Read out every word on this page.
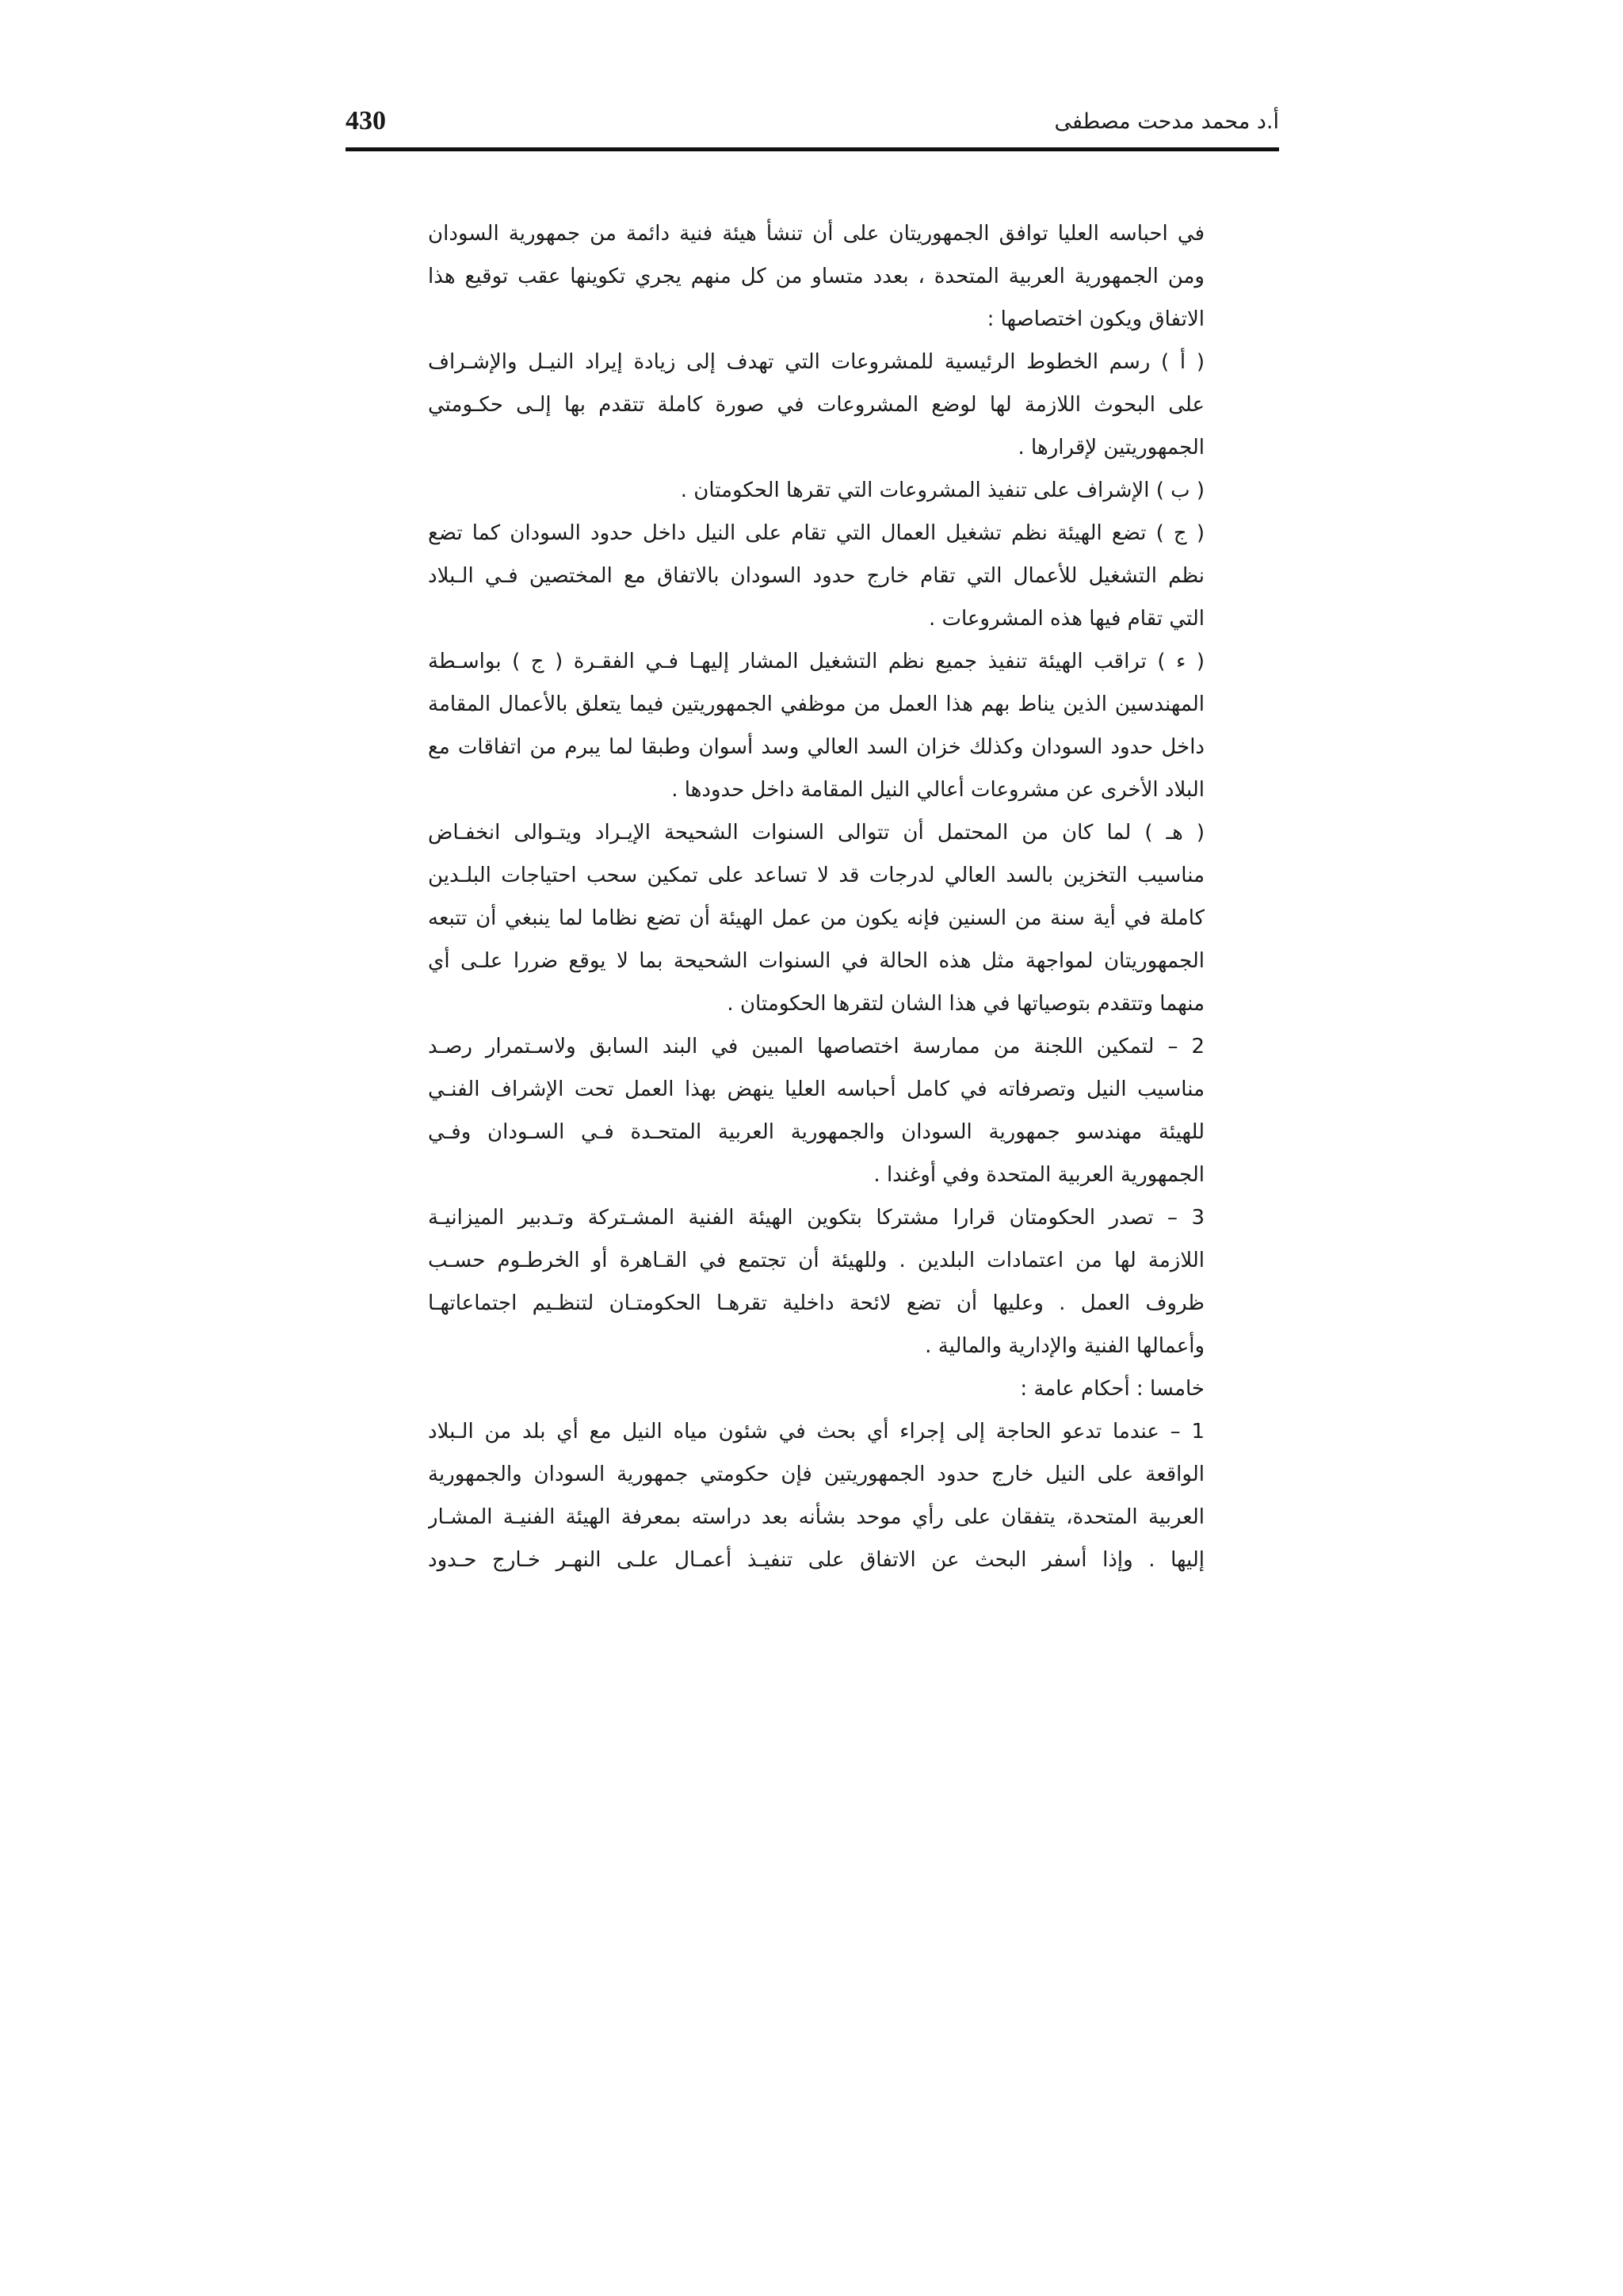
430	أ.د محمد مدحت مصطفى
في احباسه العليا توافق الجمهوريتان على أن تنشأ هيئة فنية دائمة من جمهورية السودان
ومن الجمهورية العربية المتحدة ، بعدد متساو من كل منهم يجري تكوينها عقب توقيع هذا
الاتفاق ويكون اختصاصها :
( أ ) رسم الخطوط الرئيسية للمشروعات التي تهدف إلى زيادة إيراد النيـل والإشـراف
على البحوث اللازمة لها لوضع المشروعات في صورة كاملة تتقدم بها إلـى حكـومتي
الجمهوريتين لإقرارها .
( ب ) الإشراف على تنفيذ المشروعات التي تقرها الحكومتان .
( ج ) تضع الهيئة نظم تشغيل العمال التي تقام على النيل داخل حدود السودان كما تضع
نظم التشغيل للأعمال التي تقام خارج حدود السودان بالاتفاق مع المختصين فـي الـبلاد
التي تقام فيها هذه المشروعات .
( ء ) تراقب الهيئة تنفيذ جميع نظم التشغيل المشار إليهـا فـي الفقـرة ( ج ) بواسـطة
المهندسين الذين يناط بهم هذا العمل من موظفي الجمهوريتين فيما يتعلق بالأعمال المقامة
داخل حدود السودان وكذلك خزان السد العالي وسد أسوان وطبقا لما يبرم من اتفاقات مع
البلاد الأخرى عن مشروعات أعالي النيل المقامة داخل حدودها .
( هـ ) لما كان من المحتمل أن تتوالى السنوات الشحيحة الإيـراد ويتـوالى انخفـاض
مناسيب التخزين بالسد العالي لدرجات قد لا تساعد على تمكين سحب احتياجات البلـدين
كاملة في أية سنة من السنين فإنه يكون من عمل الهيئة أن تضع نظاما لما ينبغي أن تتبعه
الجمهوريتان لمواجهة مثل هذه الحالة في السنوات الشحيحة بما لا يوقع ضررا علـى أي
منهما وتتقدم بتوصياتها في هذا الشان لتقرها الحكومتان .
2 – لتمكين اللجنة من ممارسة اختصاصها المبين في البند السابق ولاسـتمرار رصـد
مناسيب النيل وتصرفاته في كامل أحباسه العليا ينهض بهذا العمل تحت الإشراف الفنـي
للهيئة مهندسو جمهورية السودان والجمهورية العربية المتحـدة فـي السـودان وفـي
الجمهورية العربية المتحدة وفي أوغندا .
3 – تصدر الحكومتان قرارا مشتركا بتكوين الهيئة الفنية المشـتركة وتـدبير الميزانيـة
اللازمة لها من اعتمادات البلدين . وللهيئة أن تجتمع في القـاهرة أو الخرطـوم حسـب
ظروف العمل . وعليها أن تضع لائحة داخلية تقرهـا الحكومتـان لتنظـيم اجتماعاتهـا
وأعمالها الفنية والإدارية والمالية .
خامسا : أحكام عامة :
1 – عندما تدعو الحاجة إلى إجراء أي بحث في شئون مياه النيل مع أي بلد من الـبلاد
الواقعة على النيل خارج حدود الجمهوريتين فإن حكومتي جمهورية السودان والجمهورية
العربية المتحدة، يتفقان على رأي موحد بشأنه بعد دراسته بمعرفة الهيئة الفنيـة المشـار
إليها . وإذا أسفر البحث عن الاتفاق على تنفيـذ أعمـال علـى النهـر خـارج حـدود
